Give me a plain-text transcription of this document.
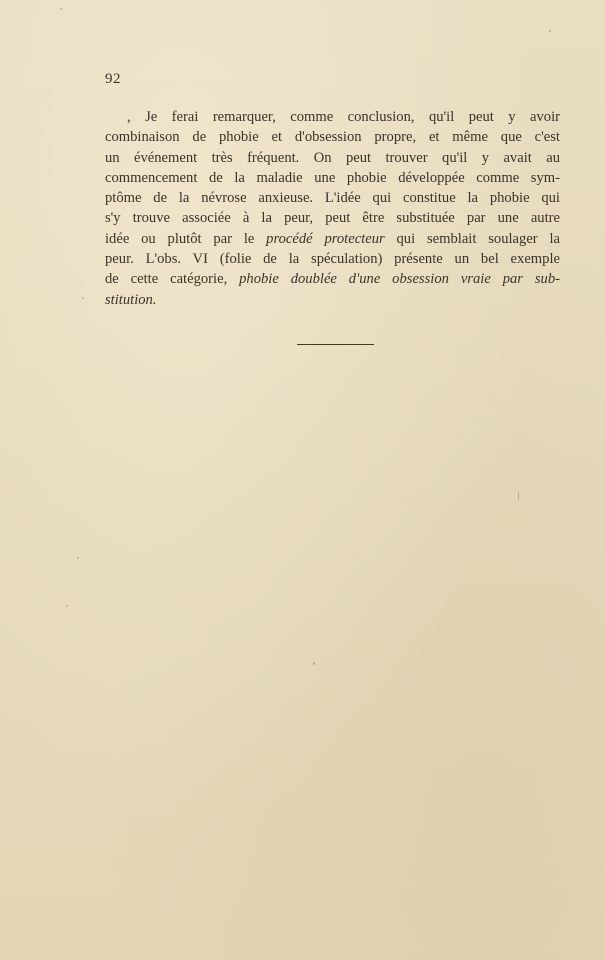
92
, Je ferai remarquer, comme conclusion, qu'il peut y avoir
combinaison de phobie et d'obsession propre, et même que c'est
un événement très fréquent. On peut trouver qu'il y avait au
commencement de la maladie une phobie développée comme sym-
ptôme de la névrose anxieuse. L'idée qui constitue la phobie qui
s'y trouve associée à la peur, peut être substituée par une autre
idée ou plutôt par le procédé protecteur qui semblait soulager la
peur. L'obs. VI (folie de la spéculation) présente un bel exemple
de cette catégorie, phobie doublée d'une obsession vraie par sub-
stitution.
